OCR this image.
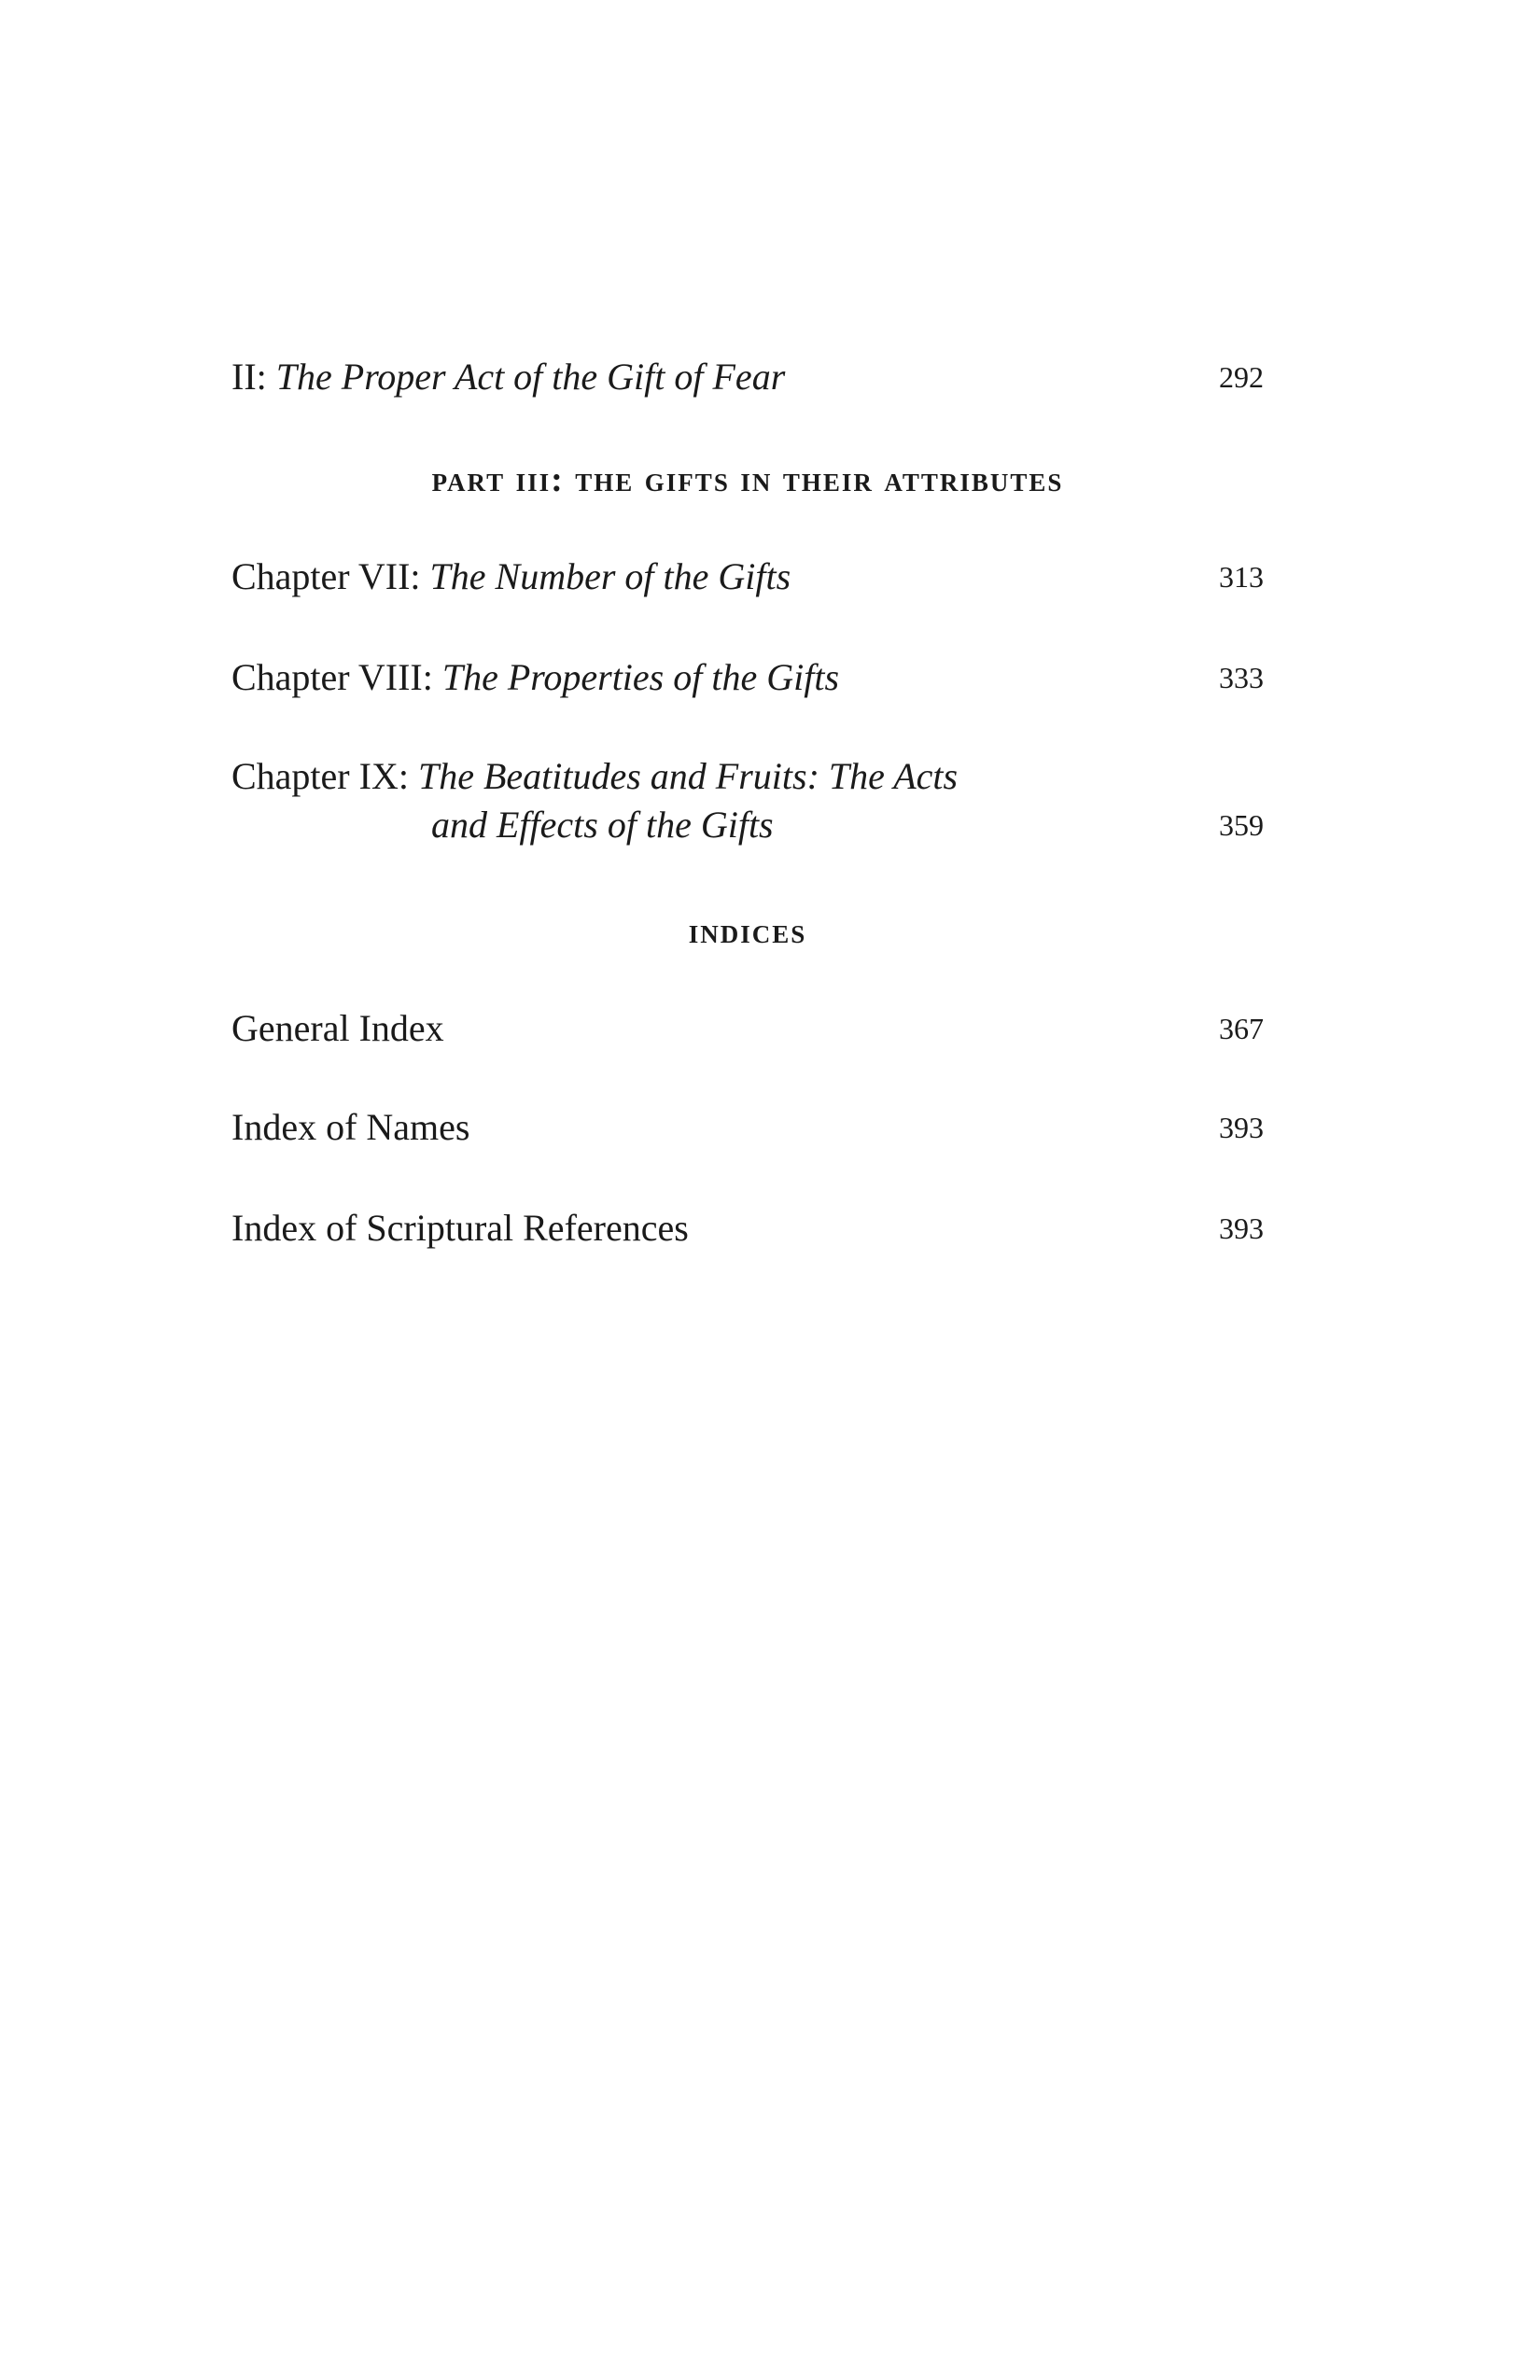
II: The Proper Act of the Gift of Fear	292
part iii: the gifts in their attributes
Chapter VII: The Number of the Gifts	313
Chapter VIII: The Properties of the Gifts	333
Chapter IX: The Beatitudes and Fruits: The Acts
and Effects of the Gifts	359
indices
General Index	367
Index of Names	393
Index of Scriptural References	393
